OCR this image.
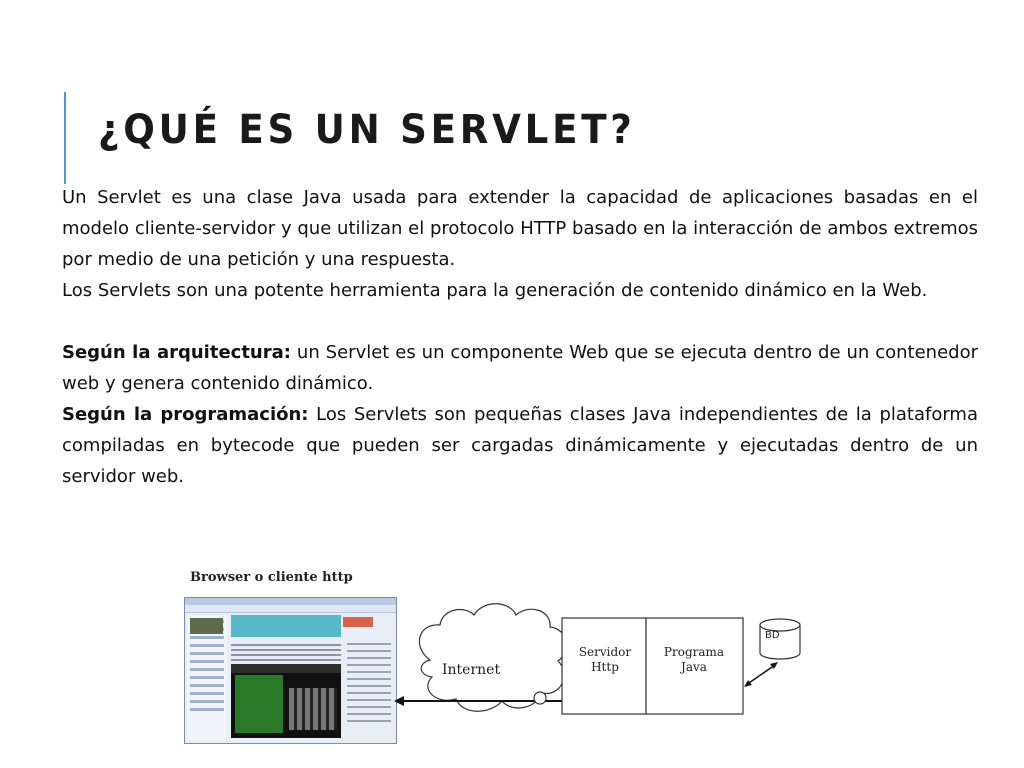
¿QUÉ ES UN SERVLET?

Un Servlet es una clase Java usada para extender la capacidad de aplicaciones basadas en el modelo cliente-servidor y que utilizan el protocolo HTTP basado en la interacción de ambos extremos por medio de una petición y una respuesta.

Los Servlets son una potente herramienta para la generación de contenido dinámico en la Web.

Según la arquitectura: un Servlet es un componente Web que se ejecuta dentro de un contenedor web y genera contenido dinámico.

Según la programación: Los Servlets son pequeñas clases Java independientes de la plataforma compiladas en bytecode que pueden ser cargadas dinámicamente y ejecutadas dentro de un servidor web.

Browser o cliente http
Internet
Servidor
Http
Programa
Java
BD
